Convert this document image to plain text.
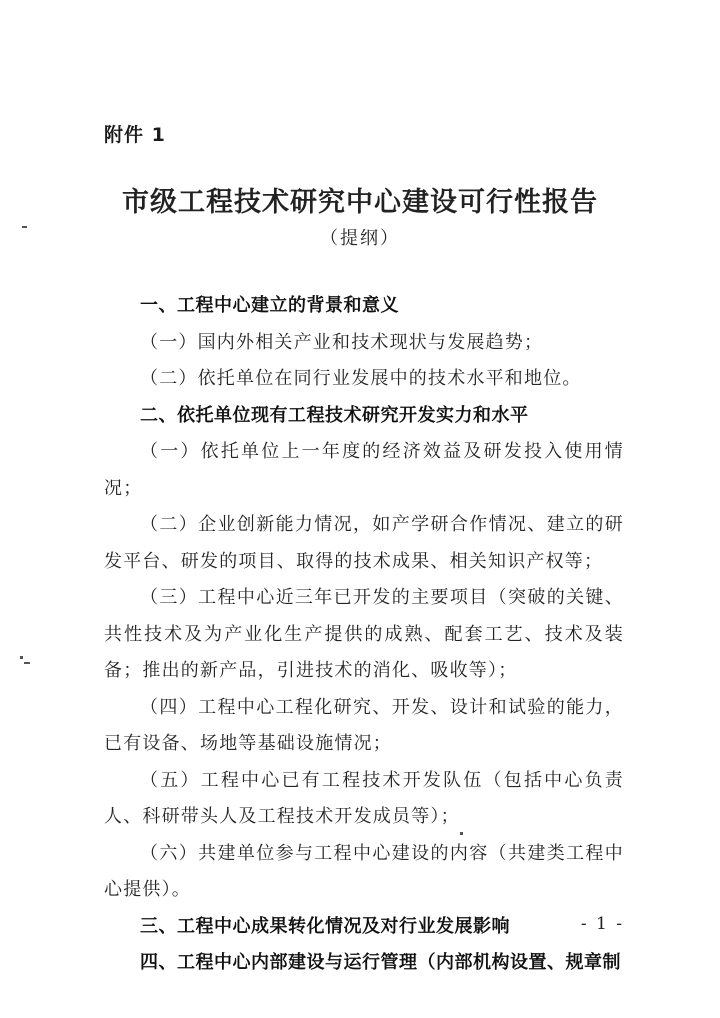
附件 1
市级工程技术研究中心建设可行性报告
（提纲）

一、工程中心建立的背景和意义

（一）国内外相关产业和技术现状与发展趋势；

（二）依托单位在同行业发展中的技术水平和地位。

二、依托单位现有工程技术研究开发实力和水平

（一）依托单位上一年度的经济效益及研发投入使用情况；

（二）企业创新能力情况，如产学研合作情况、建立的研发平台、研发的项目、取得的技术成果、相关知识产权等；

（三）工程中心近三年已开发的主要项目（突破的关键、共性技术及为产业化生产提供的成熟、配套工艺、技术及装备；推出的新产品，引进技术的消化、吸收等）；

（四）工程中心工程化研究、开发、设计和试验的能力，已有设备、场地等基础设施情况；

（五）工程中心已有工程技术开发队伍（包括中心负责人、科研带头人及工程技术开发成员等）；

（六）共建单位参与工程中心建设的内容（共建类工程中心提供）。

三、工程中心成果转化情况及对行业发展影响

四、工程中心内部建设与运行管理（内部机构设置、规章制

- 1 -
